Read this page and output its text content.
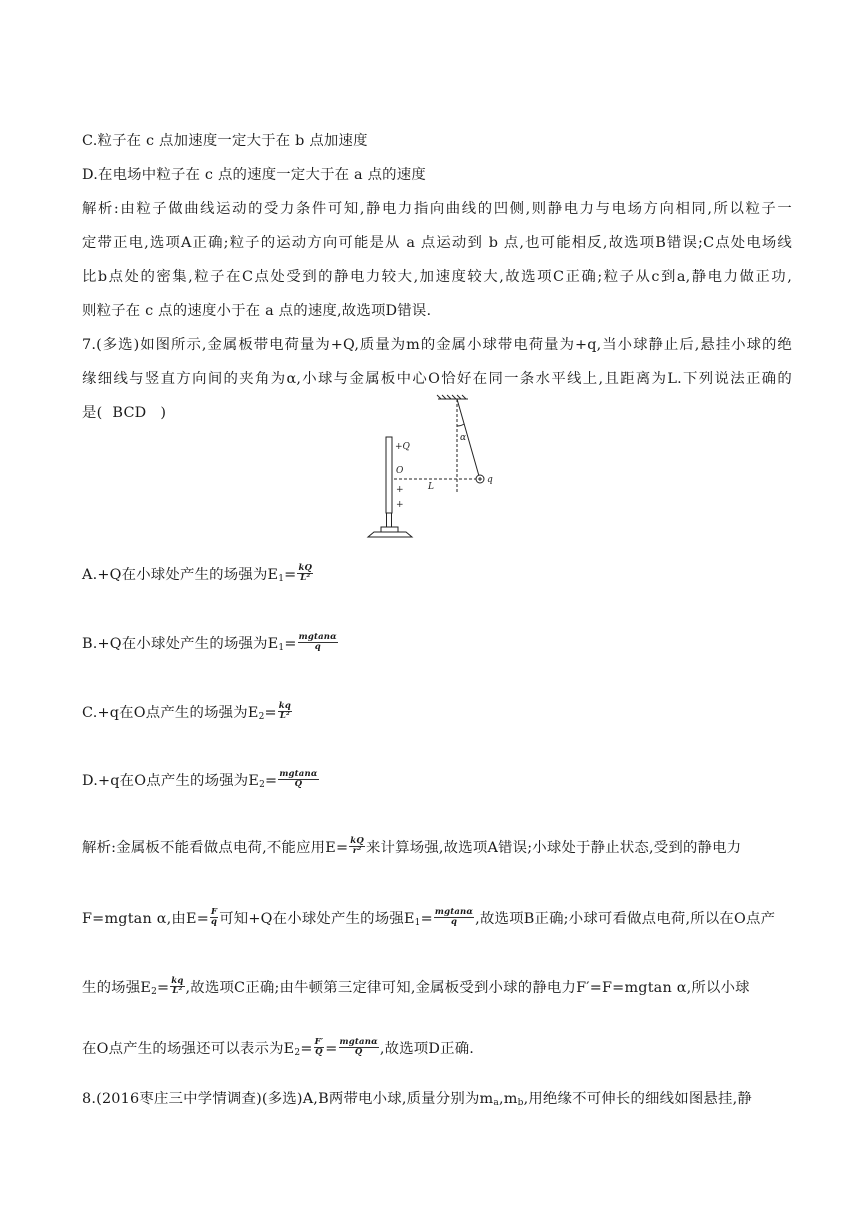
C.粒子在 c 点加速度一定大于在 b 点加速度
D.在电场中粒子在 c 点的速度一定大于在 a 点的速度
解析:由粒子做曲线运动的受力条件可知,静电力指向曲线的凹侧,则静电力与电场方向相同,所以粒子一
定带正电,选项A正确;粒子的运动方向可能是从 a 点运动到 b 点,也可能相反,故选项B错误;C点处电场线
比b点处的密集,粒子在C点处受到的静电力较大,加速度较大,故选项C正确;粒子从c到a,静电力做正功,
则粒子在 c 点的速度小于在 a 点的速度,故选项D错误.
7.(多选)如图所示,金属板带电荷量为+Q,质量为m的金属小球带电荷量为+q,当小球静止后,悬挂小球的绝
缘细线与竖直方向间的夹角为α,小球与金属板中心O恰好在同一条水平线上,且距离为L.下列说法正确的
是( BCD )
+Q
O
+
+
L
α
q
A.+Q在小球处产生的场强为$E_1= \frac{kQ}{\text{L²}}$
B.+Q在小球处产生的场强为$E_1= \frac{mgtan\alpha}{q}$
C.+q在O点产生的场强为$E_2= \frac{kq}{\text{L²}}$
D.+q在O点产生的场强为$E_2= \frac{mgtan\alpha}{Q}$
解析:金属板不能看做点电荷,不能应用$E= \frac{kQ}{\text{r²}}$ 来计算场强,故选项A错误;小球处于静止状态,受到的静电力
F=mgtan α,由$E= \frac{F}{q}$ 可知+Q在小球处产生的场强$E_1= \frac{mgtan\alpha}{q}$ ,故选项B正确;小球可看做点电荷,所以在O点产
生的场强$E_2= \frac{kq}{\text{L²}}$ ,故选项C正确;由牛顿第三定律可知,金属板受到小球的静电力F′=F=mgtan α,所以小球
在O点产生的场强还可以表示为$E_2= \frac{F'}{Q} = \frac{mgtan\alpha}{Q}$ ,故选项D正确.
8.(2016枣庄三中学情调查)(多选)A,B两带电小球,质量分别为$m_a,m_b$,用绝缘不可伸长的细线如图悬挂,静
